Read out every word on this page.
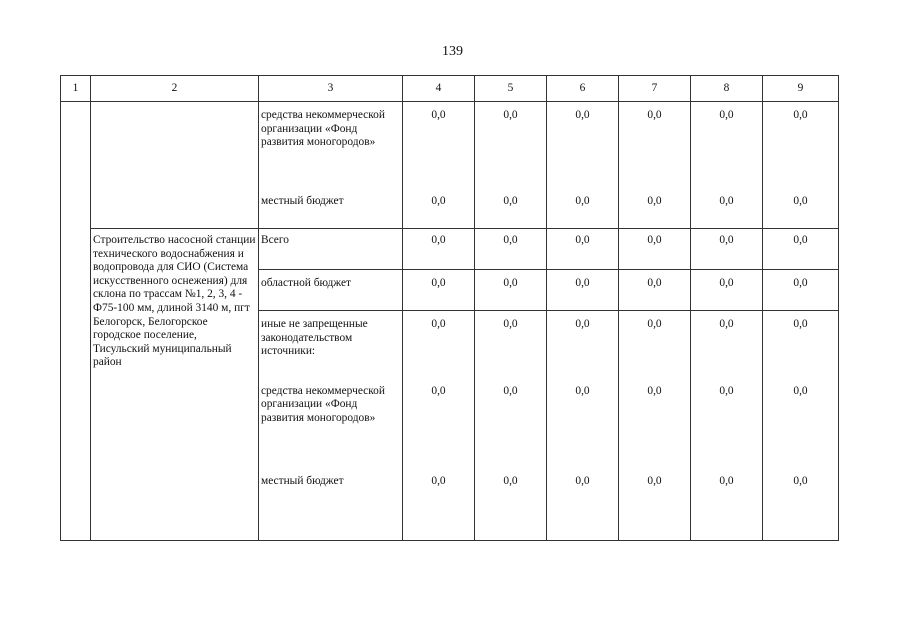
139
1	2	3	4	5	6	7	8	9

		средства некоммерческой организации «Фонд развития моногородов»	0,0	0,0	0,0	0,0	0,0	0,0

		местный бюджет	0,0	0,0	0,0	0,0	0,0	0,0

	Строительство насосной станции технического водоснабжения и водопровода для СИО (Система искусственного оснежения) для склона по трассам №1, 2, 3, 4 - Ф75-100 мм, длиной 3140 м, пгт Белогорск, Белогорское городское поселение, Тисульский муниципальный район	Всего	0,0	0,0	0,0	0,0	0,0	0,0

		областной бюджет	0,0	0,0	0,0	0,0	0,0	0,0

		иные не запрещенные законодательством источники:	0,0	0,0	0,0	0,0	0,0	0,0

		средства некоммерческой организации «Фонд развития моногородов»	0,0	0,0	0,0	0,0	0,0	0,0

		местный бюджет	0,0	0,0	0,0	0,0	0,0	0,0
